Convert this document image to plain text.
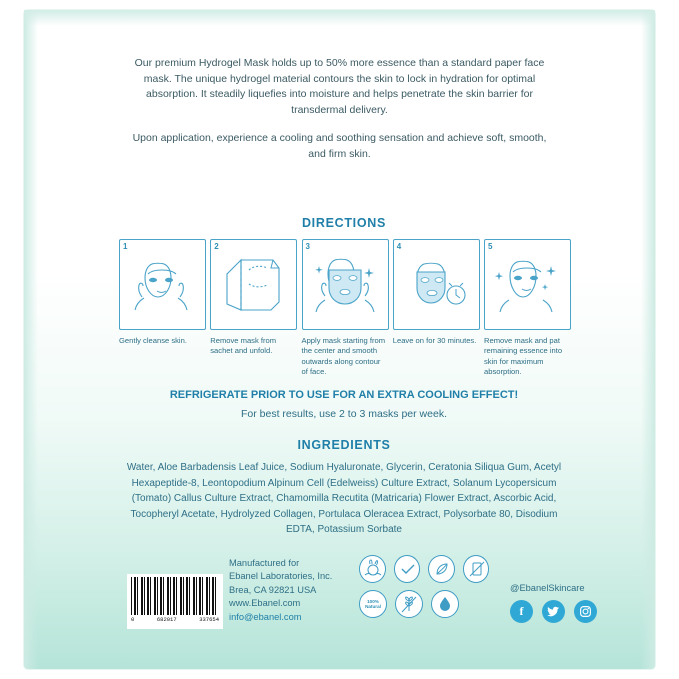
Our premium Hydrogel Mask holds up to 50% more essence than a standard paper face mask. The unique hydrogel material contours the skin to lock in hydration for optimal absorption. It steadily liquefies into moisture and helps penetrate the skin barrier for transdermal delivery.

Upon application, experience a cooling and soothing sensation and achieve soft, smooth, and firm skin.

DIRECTIONS
1
Gently cleanse skin.
2
Remove mask from sachet and unfold.
3
Apply mask starting from the center and smooth outwards along contour of face.
4
Leave on for 30 minutes.
5
Remove mask and pat remaining essence into skin for maximum absorption.
REFRIGERATE PRIOR TO USE FOR AN EXTRA COOLING EFFECT!
For best results, use 2 to 3 masks per week.
INGREDIENTS
Water, Aloe Barbadensis Leaf Juice, Sodium Hyaluronate, Glycerin, Ceratonia Siliqua Gum, Acetyl Hexapeptide-8, Leontopodium Alpinum Cell (Edelweiss) Culture Extract, Solanum Lycopersicum (Tomato) Callus Culture Extract, Chamomilla Recutita (Matricaria) Flower Extract, Ascorbic Acid, Tocopheryl Acetate, Hydrolyzed Collagen, Portulaca Oleracea Extract, Polysorbate 80, Disodium EDTA, Potassium Sorbate
0	682017	337654
Manufactured for
Ebanel Laboratories, Inc.
Brea, CA 92821 USA
www.Ebanel.com
info@ebanel.com
100%
Natural
@EbanelSkincare
f
